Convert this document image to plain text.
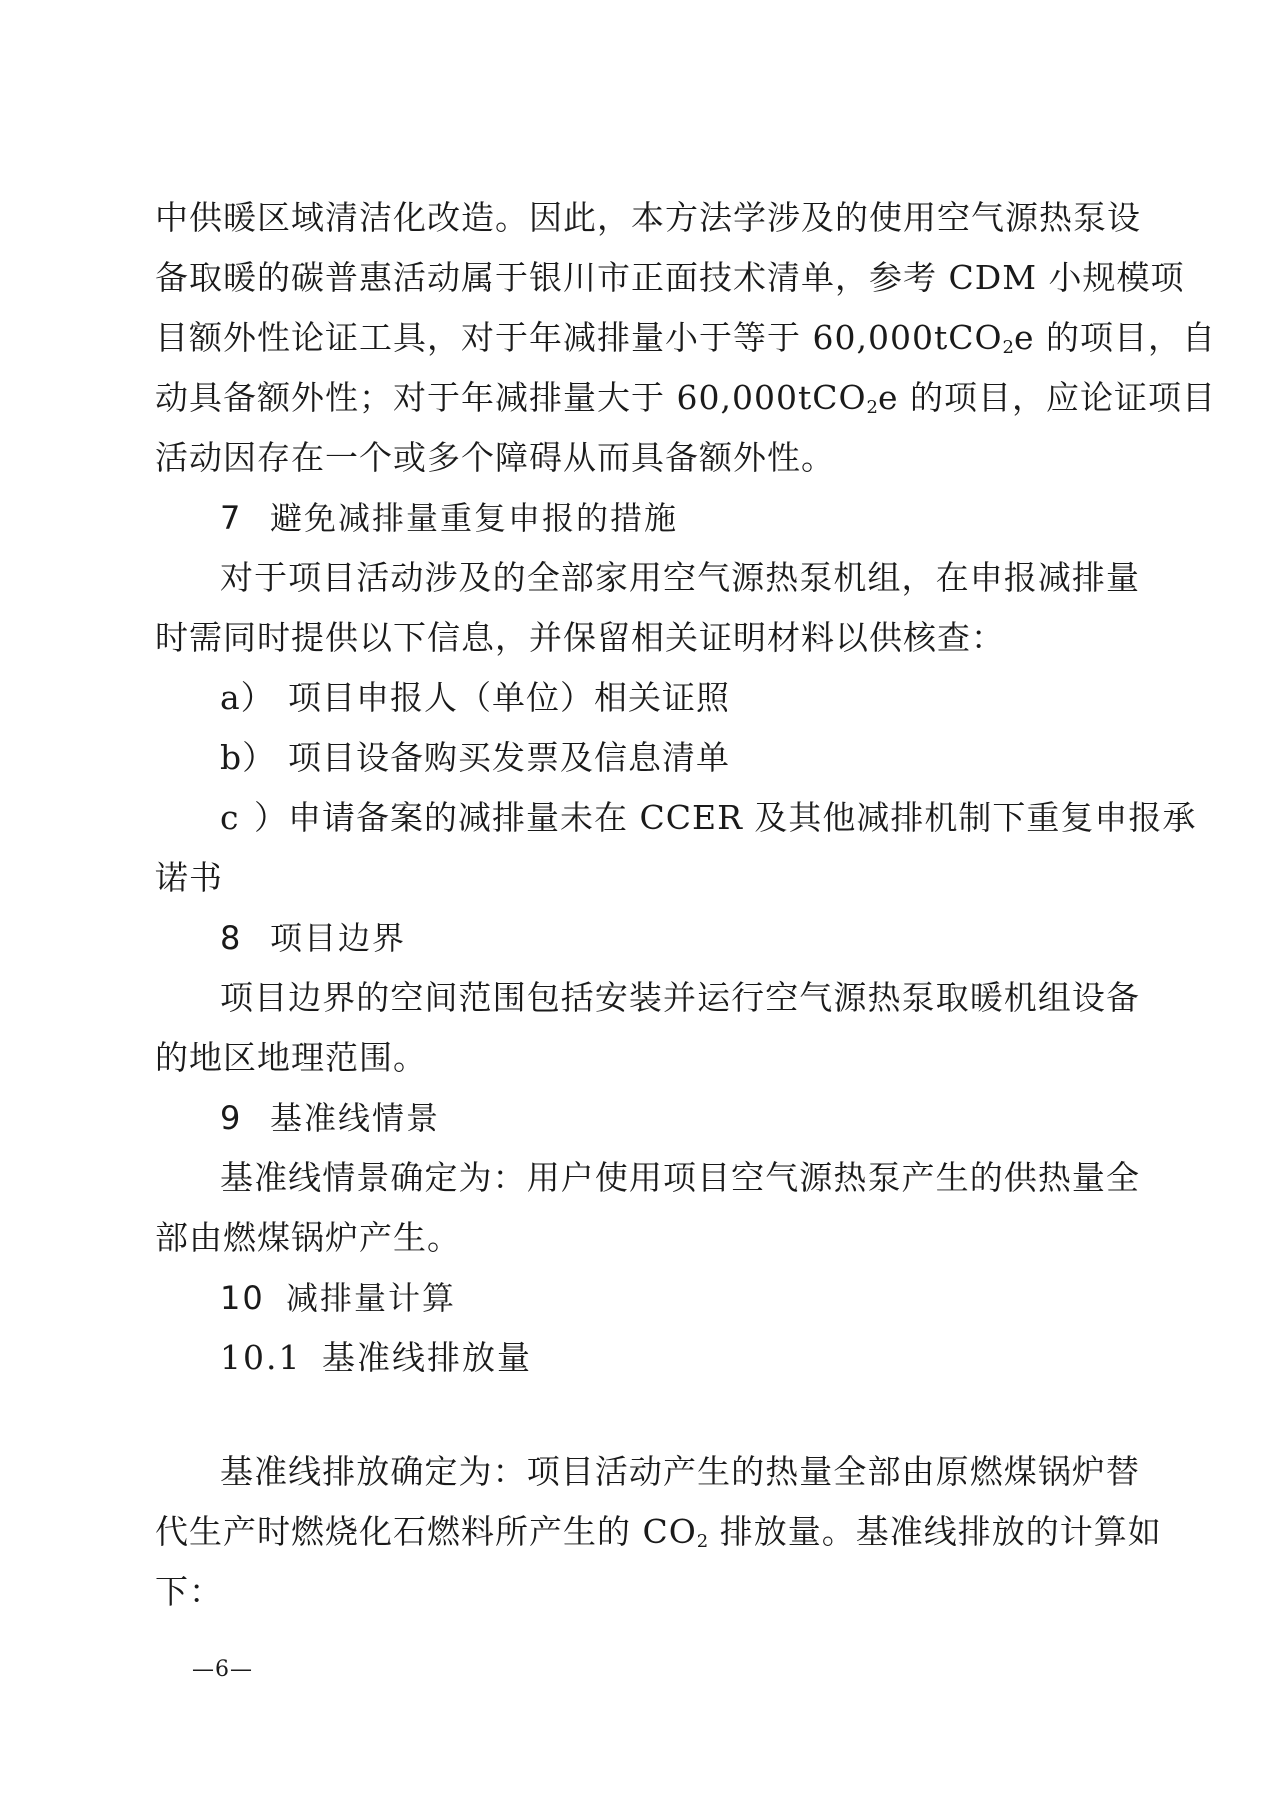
中供暖区域清洁化改造。因此，本方法学涉及的使用空气源热泵设
备取暖的碳普惠活动属于银川市正面技术清单，参考 CDM 小规模项
目额外性论证工具，对于年减排量小于等于 60,000tCO$_2$e 的项目，自
动具备额外性；对于年减排量大于 60,000tCO$_2$e 的项目，应论证项目
活动因存在一个或多个障碍从而具备额外性。
7 避免减排量重复申报的措施
对于项目活动涉及的全部家用空气源热泵机组，在申报减排量
时需同时提供以下信息，并保留相关证明材料以供核查：
a） 项目申报人（单位）相关证照
b） 项目设备购买发票及信息清单
c）申请备案的减排量未在 CCER 及其他减排机制下重复申报承
诺书
8 项目边界
项目边界的空间范围包括安装并运行空气源热泵取暖机组设备
的地区地理范围。
9 基准线情景
基准线情景确定为：用户使用项目空气源热泵产生的供热量全
部由燃煤锅炉产生。
10 减排量计算
10.1 基准线排放量
基准线排放确定为：项目活动产生的热量全部由原燃煤锅炉替
代生产时燃烧化石燃料所产生的 $CO_2$ 排放量。基准线排放的计算如
下：
—6—
